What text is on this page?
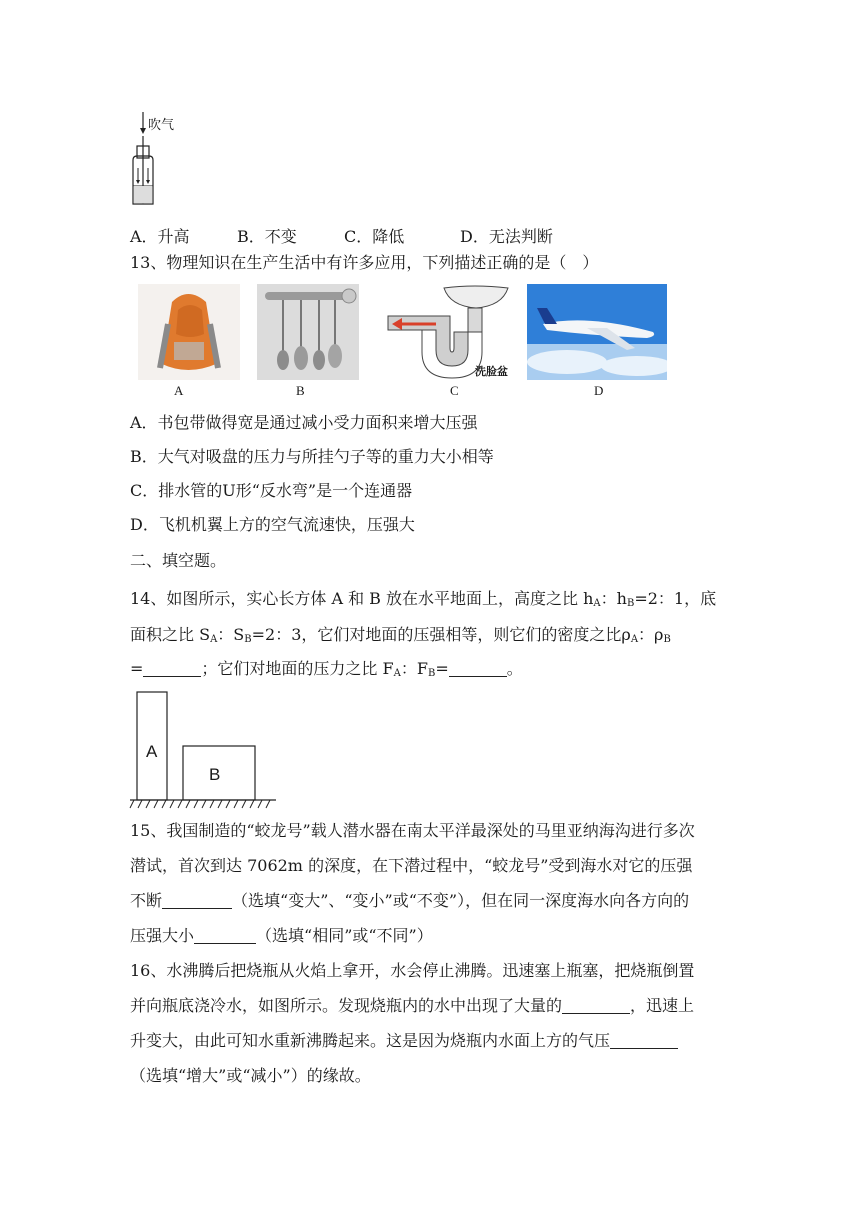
吹气
A．升高	B．不变	C．降低	D．无法判断
13、物理知识在生产生活中有许多应用，下列描述正确的是（　）
洗脸盆
A	B	C	D
A．书包带做得宽是通过减小受力面积来增大压强
B．大气对吸盘的压力与所挂勺子等的重力大小相等
C．排水管的U形“反水弯”是一个连通器
D．飞机机翼上方的空气流速快，压强大
二、填空题。
14、如图所示，实心长方体 A 和 B 放在水平地面上，高度之比 $h_A$：$h_B=2$：1，底
面积之比 $S_A$：$S_B=2$：3，它们对地面的压强相等，则它们的密度之比$\rho_A$：$\rho_B$
=	；它们对地面的压力之比 $F_A$：$F_B=$	。
A
B
15、我国制造的“蛟龙号”载人潜水器在南太平洋最深处的马里亚纳海沟进行多次
潜试，首次到达 7062m 的深度，在下潜过程中，“蛟龙号”受到海水对它的压强
不断	（选填“变大”、“变小”或“不变”），但在同一深度海水向各方向的
压强大小	（选填“相同”或“不同”）
16、水沸腾后把烧瓶从火焰上拿开，水会停止沸腾。迅速塞上瓶塞，把烧瓶倒置
并向瓶底浇冷水，如图所示。发现烧瓶内的水中出现了大量的	，迅速上
升变大，由此可知水重新沸腾起来。这是因为烧瓶内水面上方的气压
（选填“增大”或“减小”）的缘故。
